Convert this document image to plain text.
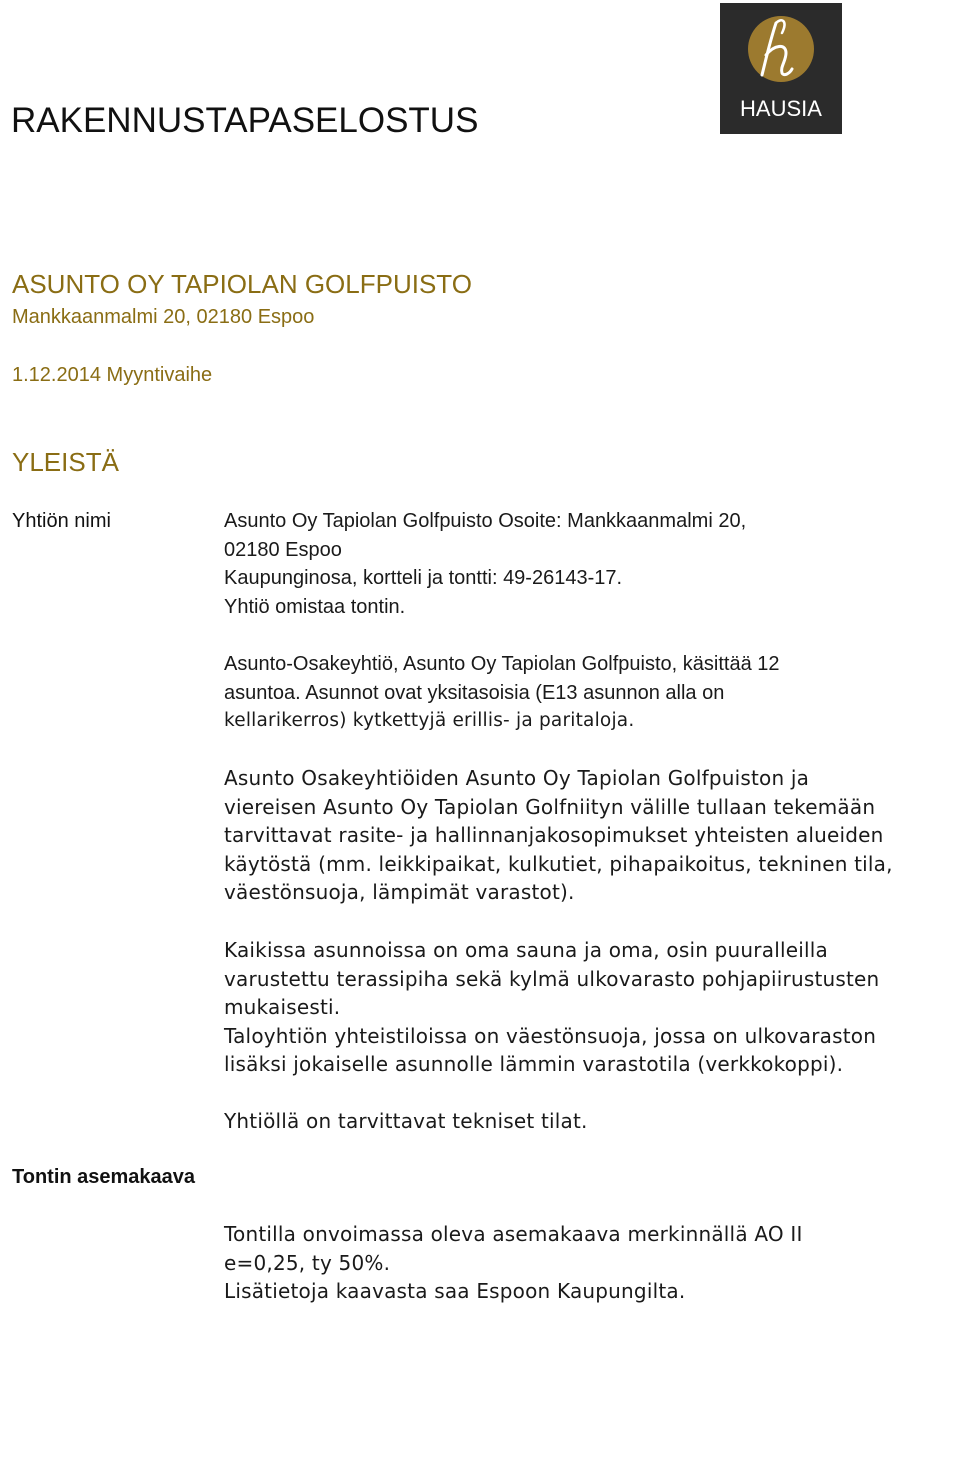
RAKENNUSTAPASELOSTUS	HAUSIA
ASUNTO OY TAPIOLAN GOLFPUISTO
Mankkaanmalmi 20, 02180 Espoo
1.12.2014 Myyntivaihe
YLEISTÄ
Yhtiön nimi	Asunto Oy Tapiolan Golfpuisto Osoite: Mankkaanmalmi 20,
02180 Espoo
Kaupunginosa, kortteli ja tontti: 49-26143-17.
Yhtiö omistaa tontin.
Asunto-Osakeyhtiö, Asunto Oy Tapiolan Golfpuisto, käsittää 12
asuntoa. Asunnot ovat yksitasoisia (E13 asunnon alla on
kellarikerros) kytkettyjä erillis- ja paritaloja.
Asunto Osakeyhtiöiden Asunto Oy Tapiolan Golfpuiston ja
viereisen Asunto Oy Tapiolan Golfniityn välille tullaan tekemään
tarvittavat rasite- ja hallinnanjakosopimukset yhteisten alueiden
käytöstä (mm. leikkipaikat, kulkutiet, pihapaikoitus, tekninen tila,
väestönsuoja, lämpimät varastot).
Kaikissa asunnoissa on oma sauna ja oma, osin puuralleilla
varustettu terassipiha sekä kylmä ulkovarasto pohjapiirustusten
mukaisesti.
Taloyhtiön yhteistiloissa on väestönsuoja, jossa on ulkovaraston
lisäksi jokaiselle asunnolle lämmin varastotila (verkkokoppi).
Yhtiöllä on tarvittavat tekniset tilat.
Tontin asemakaava
Tontilla onvoimassa oleva asemakaava merkinnällä AO II
e=0,25, ty 50%.
Lisätietoja kaavasta saa Espoon Kaupungilta.
